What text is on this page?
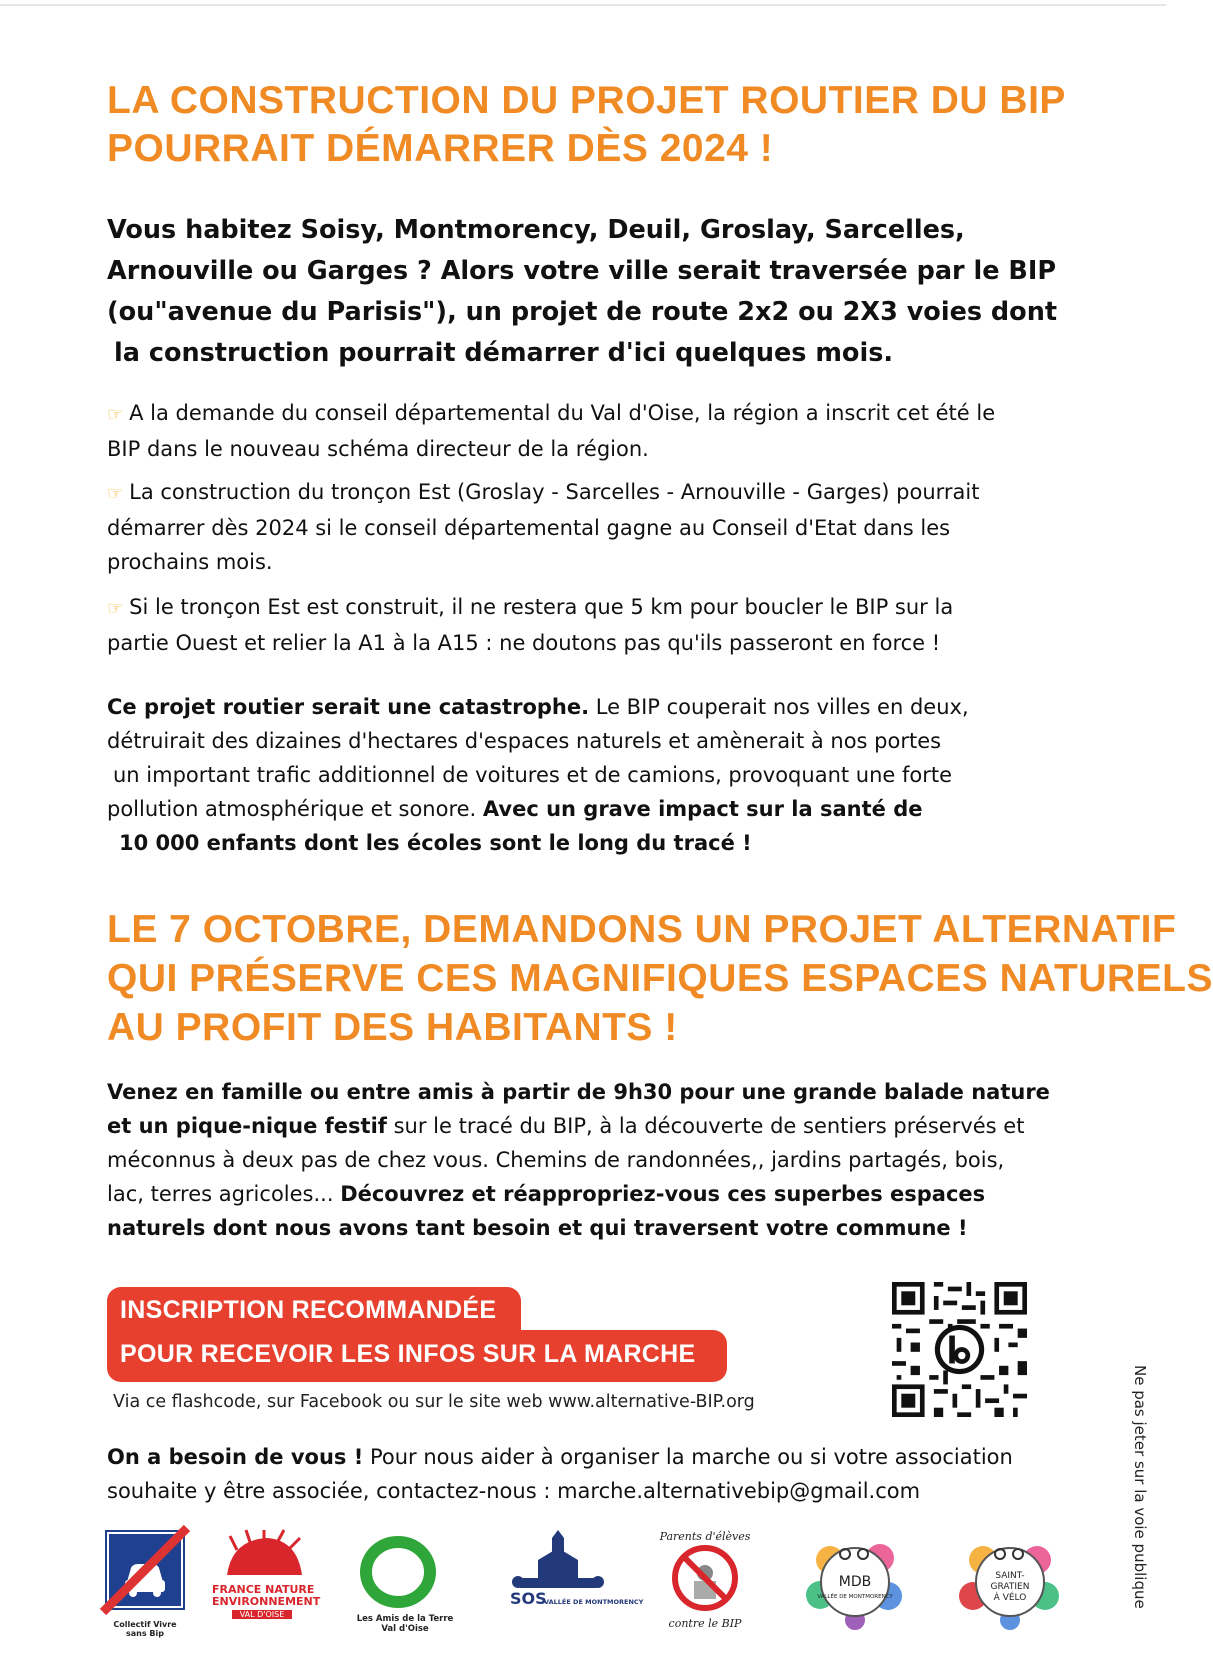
LA CONSTRUCTION DU PROJET ROUTIER DU BIP
POURRAIT DÉMARRER DÈS 2024 !
Vous habitez Soisy, Montmorency, Deuil, Groslay, Sarcelles,
Arnouville ou Garges ? Alors votre ville serait traversée par le BIP
(ou"avenue du Parisis"), un projet de route 2x2 ou 2X3 voies dont
la construction pourrait démarrer d'ici quelques mois.
☞ A la demande du conseil départemental du Val d'Oise, la région a inscrit cet été le
BIP dans le nouveau schéma directeur de la région.
☞ La construction du tronçon Est (Groslay - Sarcelles - Arnouville - Garges) pourrait
démarrer dès 2024 si le conseil départemental gagne au Conseil d'Etat dans les
prochains mois.
☞ Si le tronçon Est est construit, il ne restera que 5 km pour boucler le BIP sur la
partie Ouest et relier la A1 à la A15 : ne doutons pas qu'ils passeront en force !
Ce projet routier serait une catastrophe. Le BIP couperait nos villes en deux,
détruirait des dizaines d'hectares d'espaces naturels et amènerait à nos portes
un important trafic additionnel de voitures et de camions, provoquant une forte
pollution atmosphérique et sonore. Avec un grave impact sur la santé de
10 000 enfants dont les écoles sont le long du tracé !
LE 7 OCTOBRE, DEMANDONS UN PROJET ALTERNATIF
QUI PRÉSERVE CES MAGNIFIQUES ESPACES NATURELS
AU PROFIT DES HABITANTS !
Venez en famille ou entre amis à partir de 9h30 pour une grande balade nature
et un pique-nique festif sur le tracé du BIP, à la découverte de sentiers préservés et
méconnus à deux pas de chez vous. Chemins de randonnées,, jardins partagés, bois,
lac, terres agricoles... Découvrez et réappropriez-vous ces superbes espaces
naturels dont nous avons tant besoin et qui traversent votre commune !
INSCRIPTION RECOMMANDÉE
POUR RECEVOIR LES INFOS SUR LA MARCHE
Via ce flashcode, sur Facebook ou sur le site web www.alternative-BIP.org
On a besoin de vous ! Pour nous aider à organiser la marche ou si votre association
souhaite y être associée, contactez-nous : marche.alternativebip@gmail.com	Ne pas jeter sur la voie publique
Collectif Vivre sans Bip
FRANCE NATURE
ENVIRONNEMENT
VAL D'OISE	Les Amis de la Terre Val d'Oise
SOS
VALLÉE DE MONTMORENCY
Parents d'élèves
contre le BIP
MDB
VALLÉE DE MONTMORENCY
SAINT-
GRATIEN
À VÉLO
